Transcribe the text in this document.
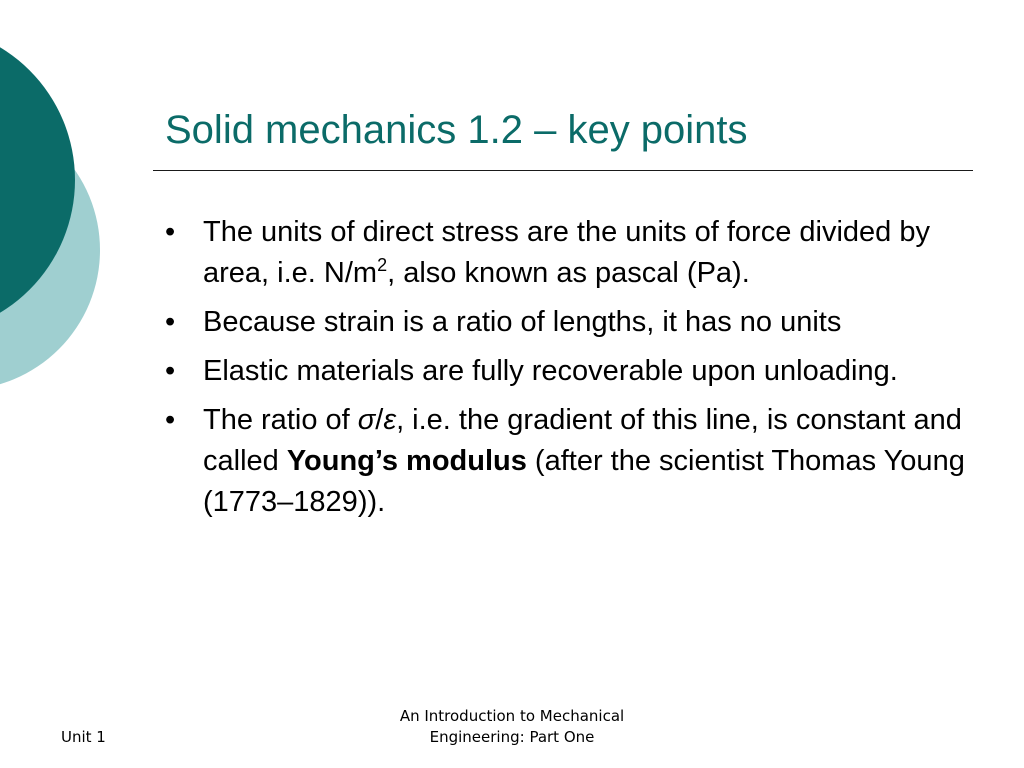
Solid mechanics 1.2 – key points
• The units of direct stress are the units of force divided by area, i.e. $N/m^2$, also known as pascal (Pa).
• Because strain is a ratio of lengths, it has no units
• Elastic materials are fully recoverable upon unloading.
• The ratio of σ/ε, i.e. the gradient of this line, is constant and called Young’s modulus (after the scientist Thomas Young (1773–1829)).
Unit 1
An Introduction to Mechanical
Engineering: Part One
